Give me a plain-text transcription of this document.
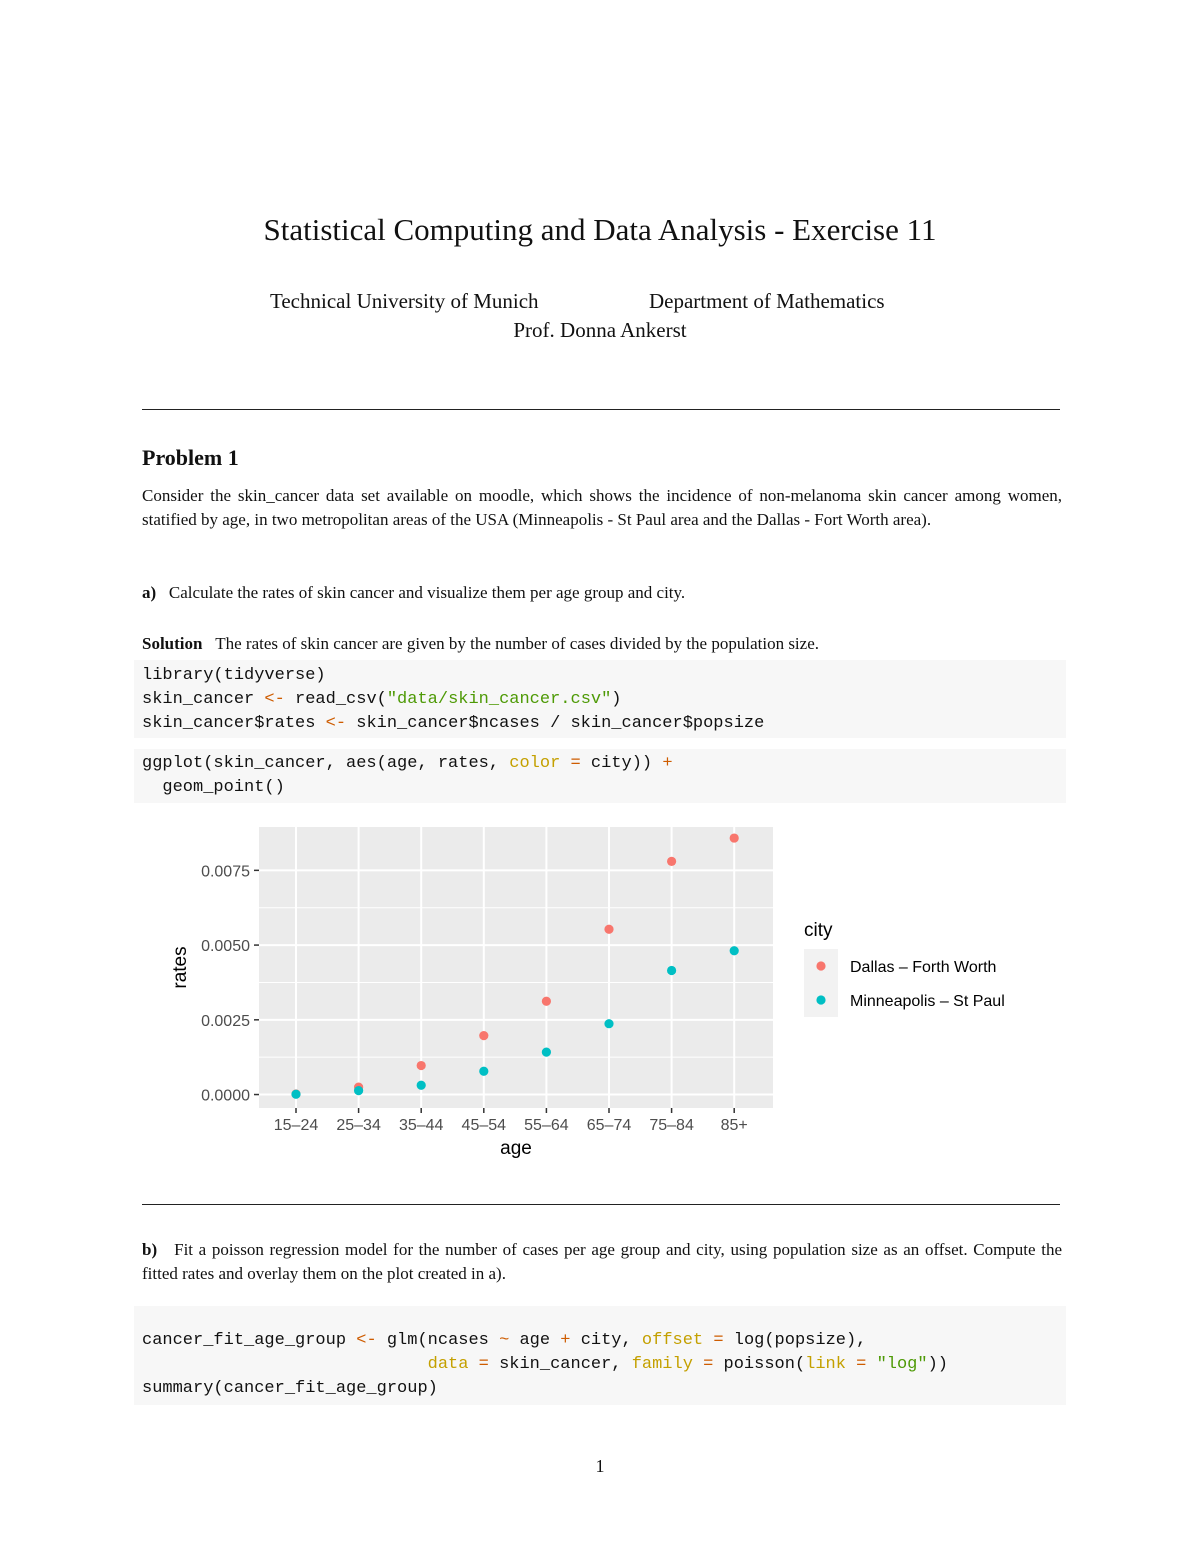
Statistical Computing and Data Analysis - Exercise 11
Technical University of Munich	Department of Mathematics
Prof. Donna Ankerst
Problem 1
Consider the skin_cancer data set available on moodle, which shows the incidence of non-melanoma skin cancer among women, statified by age, in two metropolitan areas of the USA (Minneapolis - St Paul area and the Dallas - Fort Worth area).
a) Calculate the rates of skin cancer and visualize them per age group and city.
Solution The rates of skin cancer are given by the number of cases divided by the population size.
library(tidyverse)
skin_cancer <- read_csv("data/skin_cancer.csv")
skin_cancer$rates <- skin_cancer$ncases / skin_cancer$popsize
ggplot(skin_cancer, aes(age, rates, color = city)) +
geom_point()
0.0000
0.0025
0.0050
0.0075
15–24 25–34 35–44 45–54 55–64 65–74 75–84 85+
age
rates
city
Dallas – Forth Worth
Minneapolis – St Paul
b) Fit a poisson regression model for the number of cases per age group and city, using population size as an offset. Compute the fitted rates and overlay them on the plot created in a).
cancer_fit_age_group <- glm(ncases ~ age + city, offset = log(popsize),
data = skin_cancer, family = poisson(link = "log"))
summary(cancer_fit_age_group)
1
